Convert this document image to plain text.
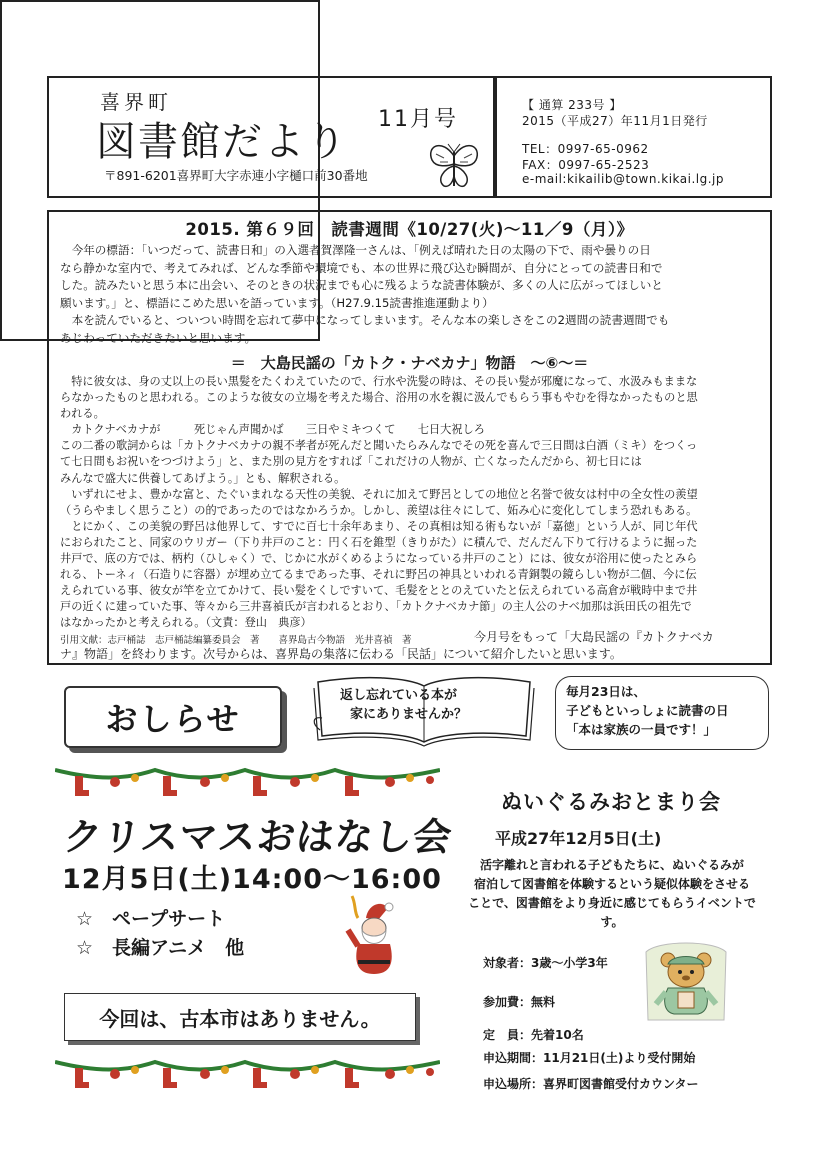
喜界町
図書館だより 11月号
〒891-6201喜界町大字赤連小字樋口前30番地
【 通算 233号 】
2015（平成27）年11月1日発行
TEL：0997-65-0962
FAX：0997-65-2523
e-mail:kikailib@town.kikai.lg.jp
2015. 第６９回　読書週間《10/27(火)～11／9（月）》
　今年の標語：「いつだって、読書日和」の入選者賀澤隆一さんは、「例えば晴れた日の太陽の下で、雨や曇りの日
なら静かな室内で、考えてみれば、どんな季節や環境でも、本の世界に飛び込む瞬間が、自分にとっての読書日和で
した。読みたいと思う本に出会い、そのときの状況までも心に残るような読書体験が、多くの人に広がってほしいと
願います。」と、標語にこめた思いを語っています。（H27.9.15読書推進運動より）
　本を読んでいると、ついつい時間を忘れて夢中になってしまいます。そんな本の楽しさをこの2週間の読書週間でも
あじわっていただきたいと思います。
＝　大島民謡の「カトク・ナベカナ」物語　～⑥～＝
　特に彼女は、身の丈以上の長い黒髪をたくわえていたので、行水や洗髪の時は、その長い髪が邪魔になって、水汲みもままな
らなかったものと思われる。このような彼女の立場を考えた場合、浴用の水を親に汲んでもらう事もやむを得なかったものと思
われる。
　カトクナベカナが　　　死じゃん声聞かば　　三日やミキつくて　　七日大祝しろ
この二番の歌詞からは「カトクナベカナの親不孝者が死んだと聞いたらみんなでその死を喜んで三日間は白酒（ミキ）をつくっ
て七日間もお祝いをつづけよう」と、また別の見方をすれば「これだけの人物が、亡くなったんだから、初七日には
みんなで盛大に供養してあげよう。」とも、解釈される。
　いずれにせよ、豊かな富と、たぐいまれなる天性の美貌、それに加えて野呂としての地位と名誉で彼女は村中の全女性の羨望
（うらやましく思うこと）の的であったのではなかろうか。しかし、羨望は往々にして、妬み心に変化してしまう恐れもある。
　とにかく、この美貌の野呂は他界して、すでに百七十余年あまり、その真相は知る術もないが「嘉徳」という人が、同じ年代
におられたこと、同家のウリガー（下り井戸のこと：円く石を錐型（きりがた）に積んで、だんだん下りて行けるように掘った
井戸で、底の方では、柄杓（ひしゃく）で、じかに水がくめるようになっている井戸のこと）には、彼女が浴用に使ったとみら
れる、トーネィ（石造りに容器）が埋め立てるまであった事、それに野呂の神具といわれる青銅製の鏡らしい物が二個、今に伝
えられている事、彼女が竿を立てかけて、長い髪をくしですいて、毛髪をととのえていたと伝えられている高倉が戦時中まで井
戸の近くに建っていた事、等々から三井喜禎氏が言われるとおり、「カトクナベカナ節」の主人公のナベ加那は浜田氏の祖先で
はなかったかと考えられる。（文責：登山　典彦）
引用文献：志戸桶誌　志戸桶誌編纂委員会　著　　喜界島古今物語　光井喜禎　著	今月号をもって「大島民謡の『カトクナベカ
ナ』物語」を終わります。次号からは、喜界島の集落に伝わる「民話」について紹介したいと思います。
おしらせ
返し忘れている本が
家にありませんか？
毎月23日は、
子どもといっしょに読書の日
「本は家族の一員です！」
クリスマスおはなし会
12月5日(土)14:00～16:00
☆　ペープサート
☆　長編アニメ　他
今回は、古本市はありません。
ぬいぐるみおとまり会
平成27年12月5日(土)
活字離れと言われる子どもたちに、ぬいぐるみが
宿泊して図書館を体験するという疑似体験をさせる
ことで、図書館をより身近に感じてもらうイベントです。
対象者：3歳～小学3年
参加費：無料
定　員：先着10名
申込期間：11月21日(土)より受付開始
申込場所：喜界町図書館受付カウンター
